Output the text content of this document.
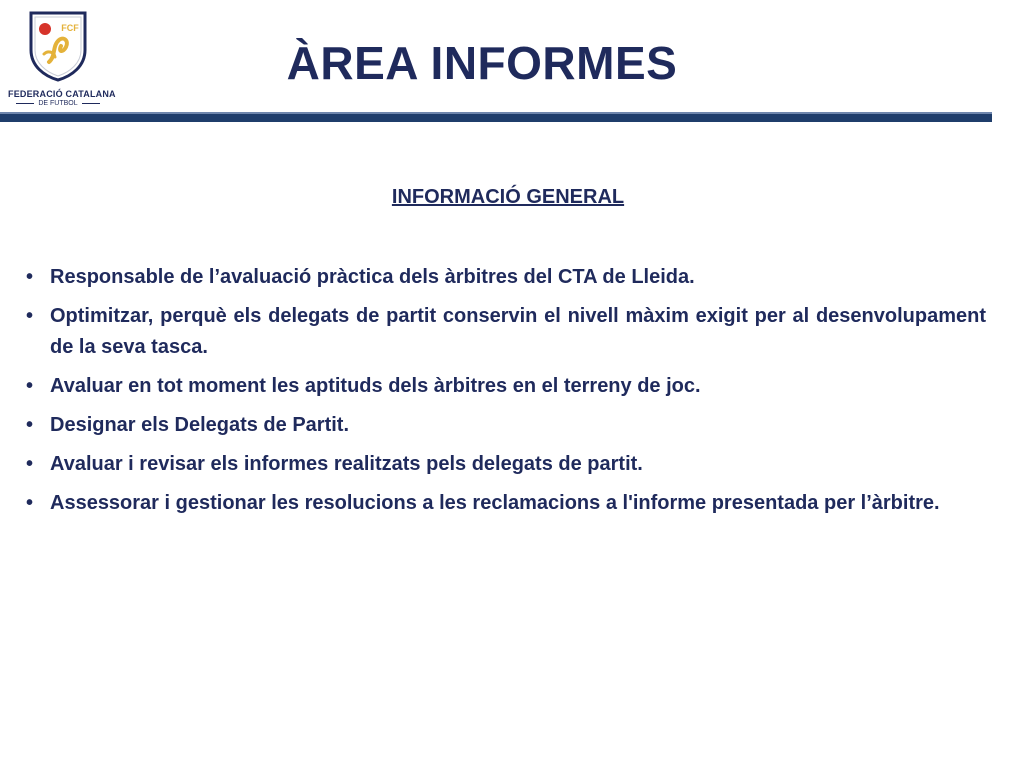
FCF
FEDERACIÓ CATALANA
DE FUTBOL
ÀREA INFORMES
INFORMACIÓ GENERAL
• Responsable de l’avaluació pràctica dels àrbitres del CTA de Lleida.
• Optimitzar, perquè els delegats de partit conservin el nivell màxim exigit per al desenvolupament de la seva tasca.
• Avaluar en tot moment les aptituds dels àrbitres en el terreny de joc.
• Designar els Delegats de Partit.
• Avaluar i revisar els informes realitzats pels delegats de partit.
• Assessorar i gestionar les resolucions a les reclamacions a l'informe presentada per l’àrbitre.
